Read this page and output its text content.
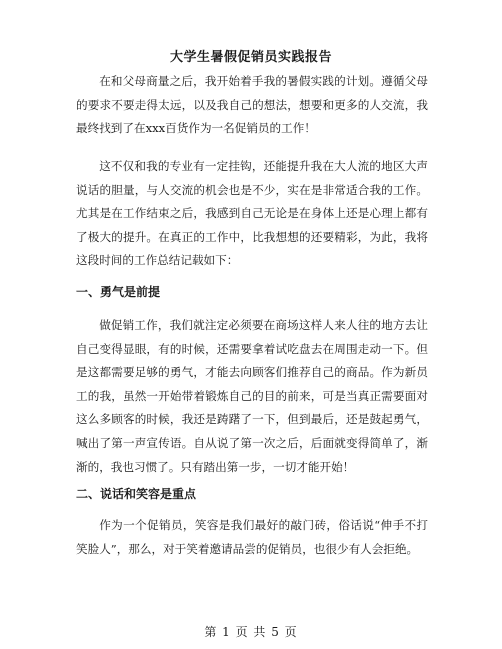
大学生暑假促销员实践报告

在和父母商量之后，我开始着手我的暑假实践的计划。遵循父母的要求不要走得太远，以及我自己的想法，想要和更多的人交流，我最终找到了在xxx百货作为一名促销员的工作！

这不仅和我的专业有一定挂钩，还能提升我在大人流的地区大声说话的胆量，与人交流的机会也是不少，实在是非常适合我的工作。尤其是在工作结束之后，我感到自己无论是在身体上还是心理上都有了极大的提升。在真正的工作中，比我想想的还要精彩，为此，我将这段时间的工作总结记载如下：

一、勇气是前提

做促销工作，我们就注定必须要在商场这样人来人往的地方去让自己变得显眼，有的时候，还需要拿着试吃盘去在周围走动一下。但是这都需要足够的勇气，才能去向顾客们推荐自己的商品。作为新员工的我，虽然一开始带着锻炼自己的目的前来，可是当真正需要面对这么多顾客的时候，我还是踌躇了一下，但到最后，还是鼓起勇气，喊出了第一声宣传语。自从说了第一次之后，后面就变得简单了，渐渐的，我也习惯了。只有踏出第一步，一切才能开始！

二、说话和笑容是重点

作为一个促销员，笑容是我们最好的敲门砖，俗话说“伸手不打笑脸人”，那么，对于笑着邀请品尝的促销员，也很少有人会拒绝。

第 1 页 共 5 页
